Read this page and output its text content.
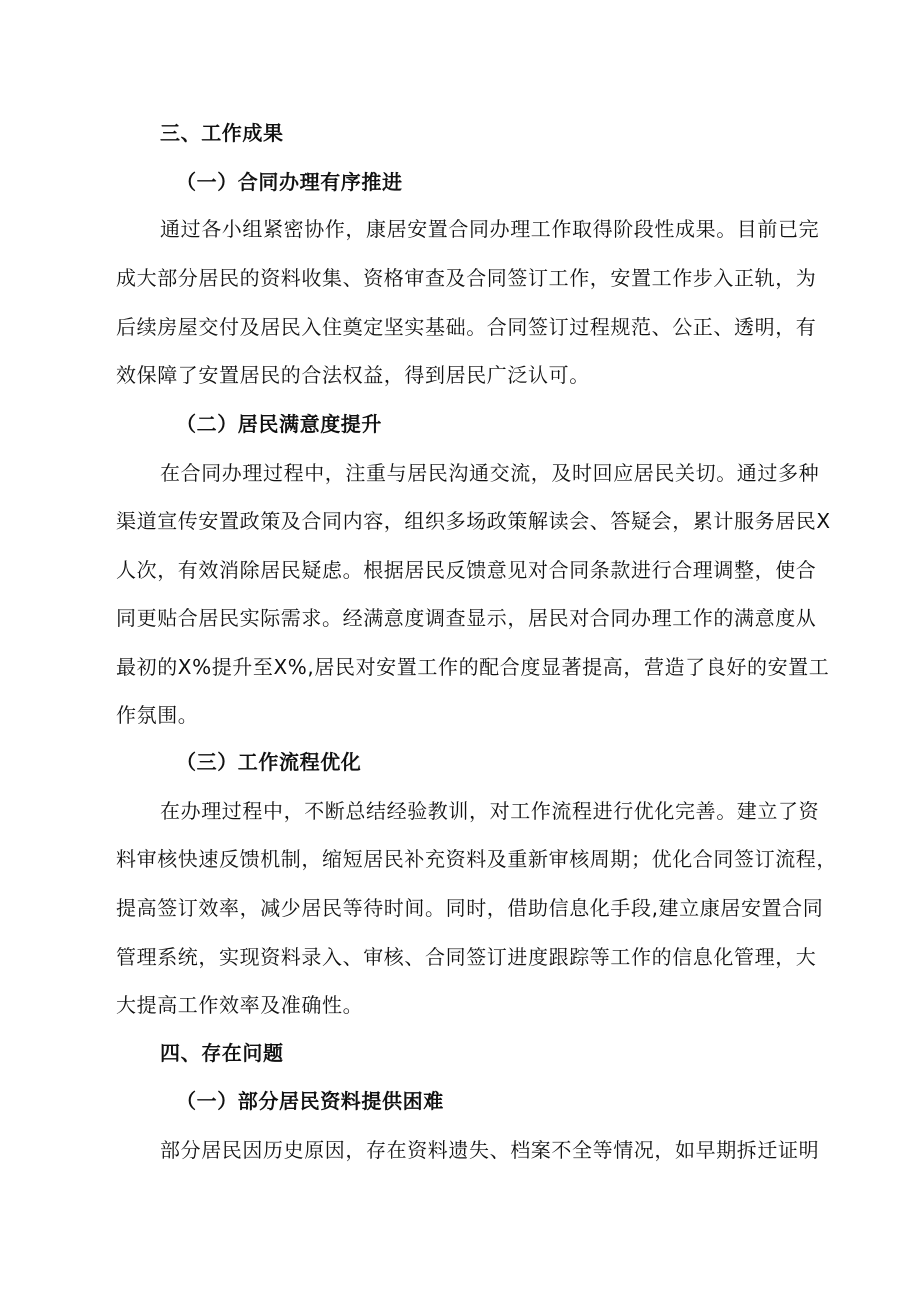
三、工作成果
（一）合同办理有序推进
通过各小组紧密协作，康居安置合同办理工作取得阶段性成果。目前已完
成大部分居民的资料收集、资格审查及合同签订工作，安置工作步入正轨，为
后续房屋交付及居民入住奠定坚实基础。合同签订过程规范、公正、透明，有
效保障了安置居民的合法权益，得到居民广泛认可。
（二）居民满意度提升
在合同办理过程中，注重与居民沟通交流，及时回应居民关切。通过多种
渠道宣传安置政策及合同内容，组织多场政策解读会、答疑会，累计服务居民X
人次，有效消除居民疑虑。根据居民反馈意见对合同条款进行合理调整，使合
同更贴合居民实际需求。经满意度调查显示，居民对合同办理工作的满意度从
最初的X%提升至X%,居民对安置工作的配合度显著提高，营造了良好的安置工
作氛围。
（三）工作流程优化
在办理过程中，不断总结经验教训，对工作流程进行优化完善。建立了资
料审核快速反馈机制，缩短居民补充资料及重新审核周期；优化合同签订流程，
提高签订效率，减少居民等待时间。同时，借助信息化手段,建立康居安置合同
管理系统，实现资料录入、审核、合同签订进度跟踪等工作的信息化管理，大
大提高工作效率及准确性。
四、存在问题
（一）部分居民资料提供困难
部分居民因历史原因，存在资料遗失、档案不全等情况，如早期拆迁证明
